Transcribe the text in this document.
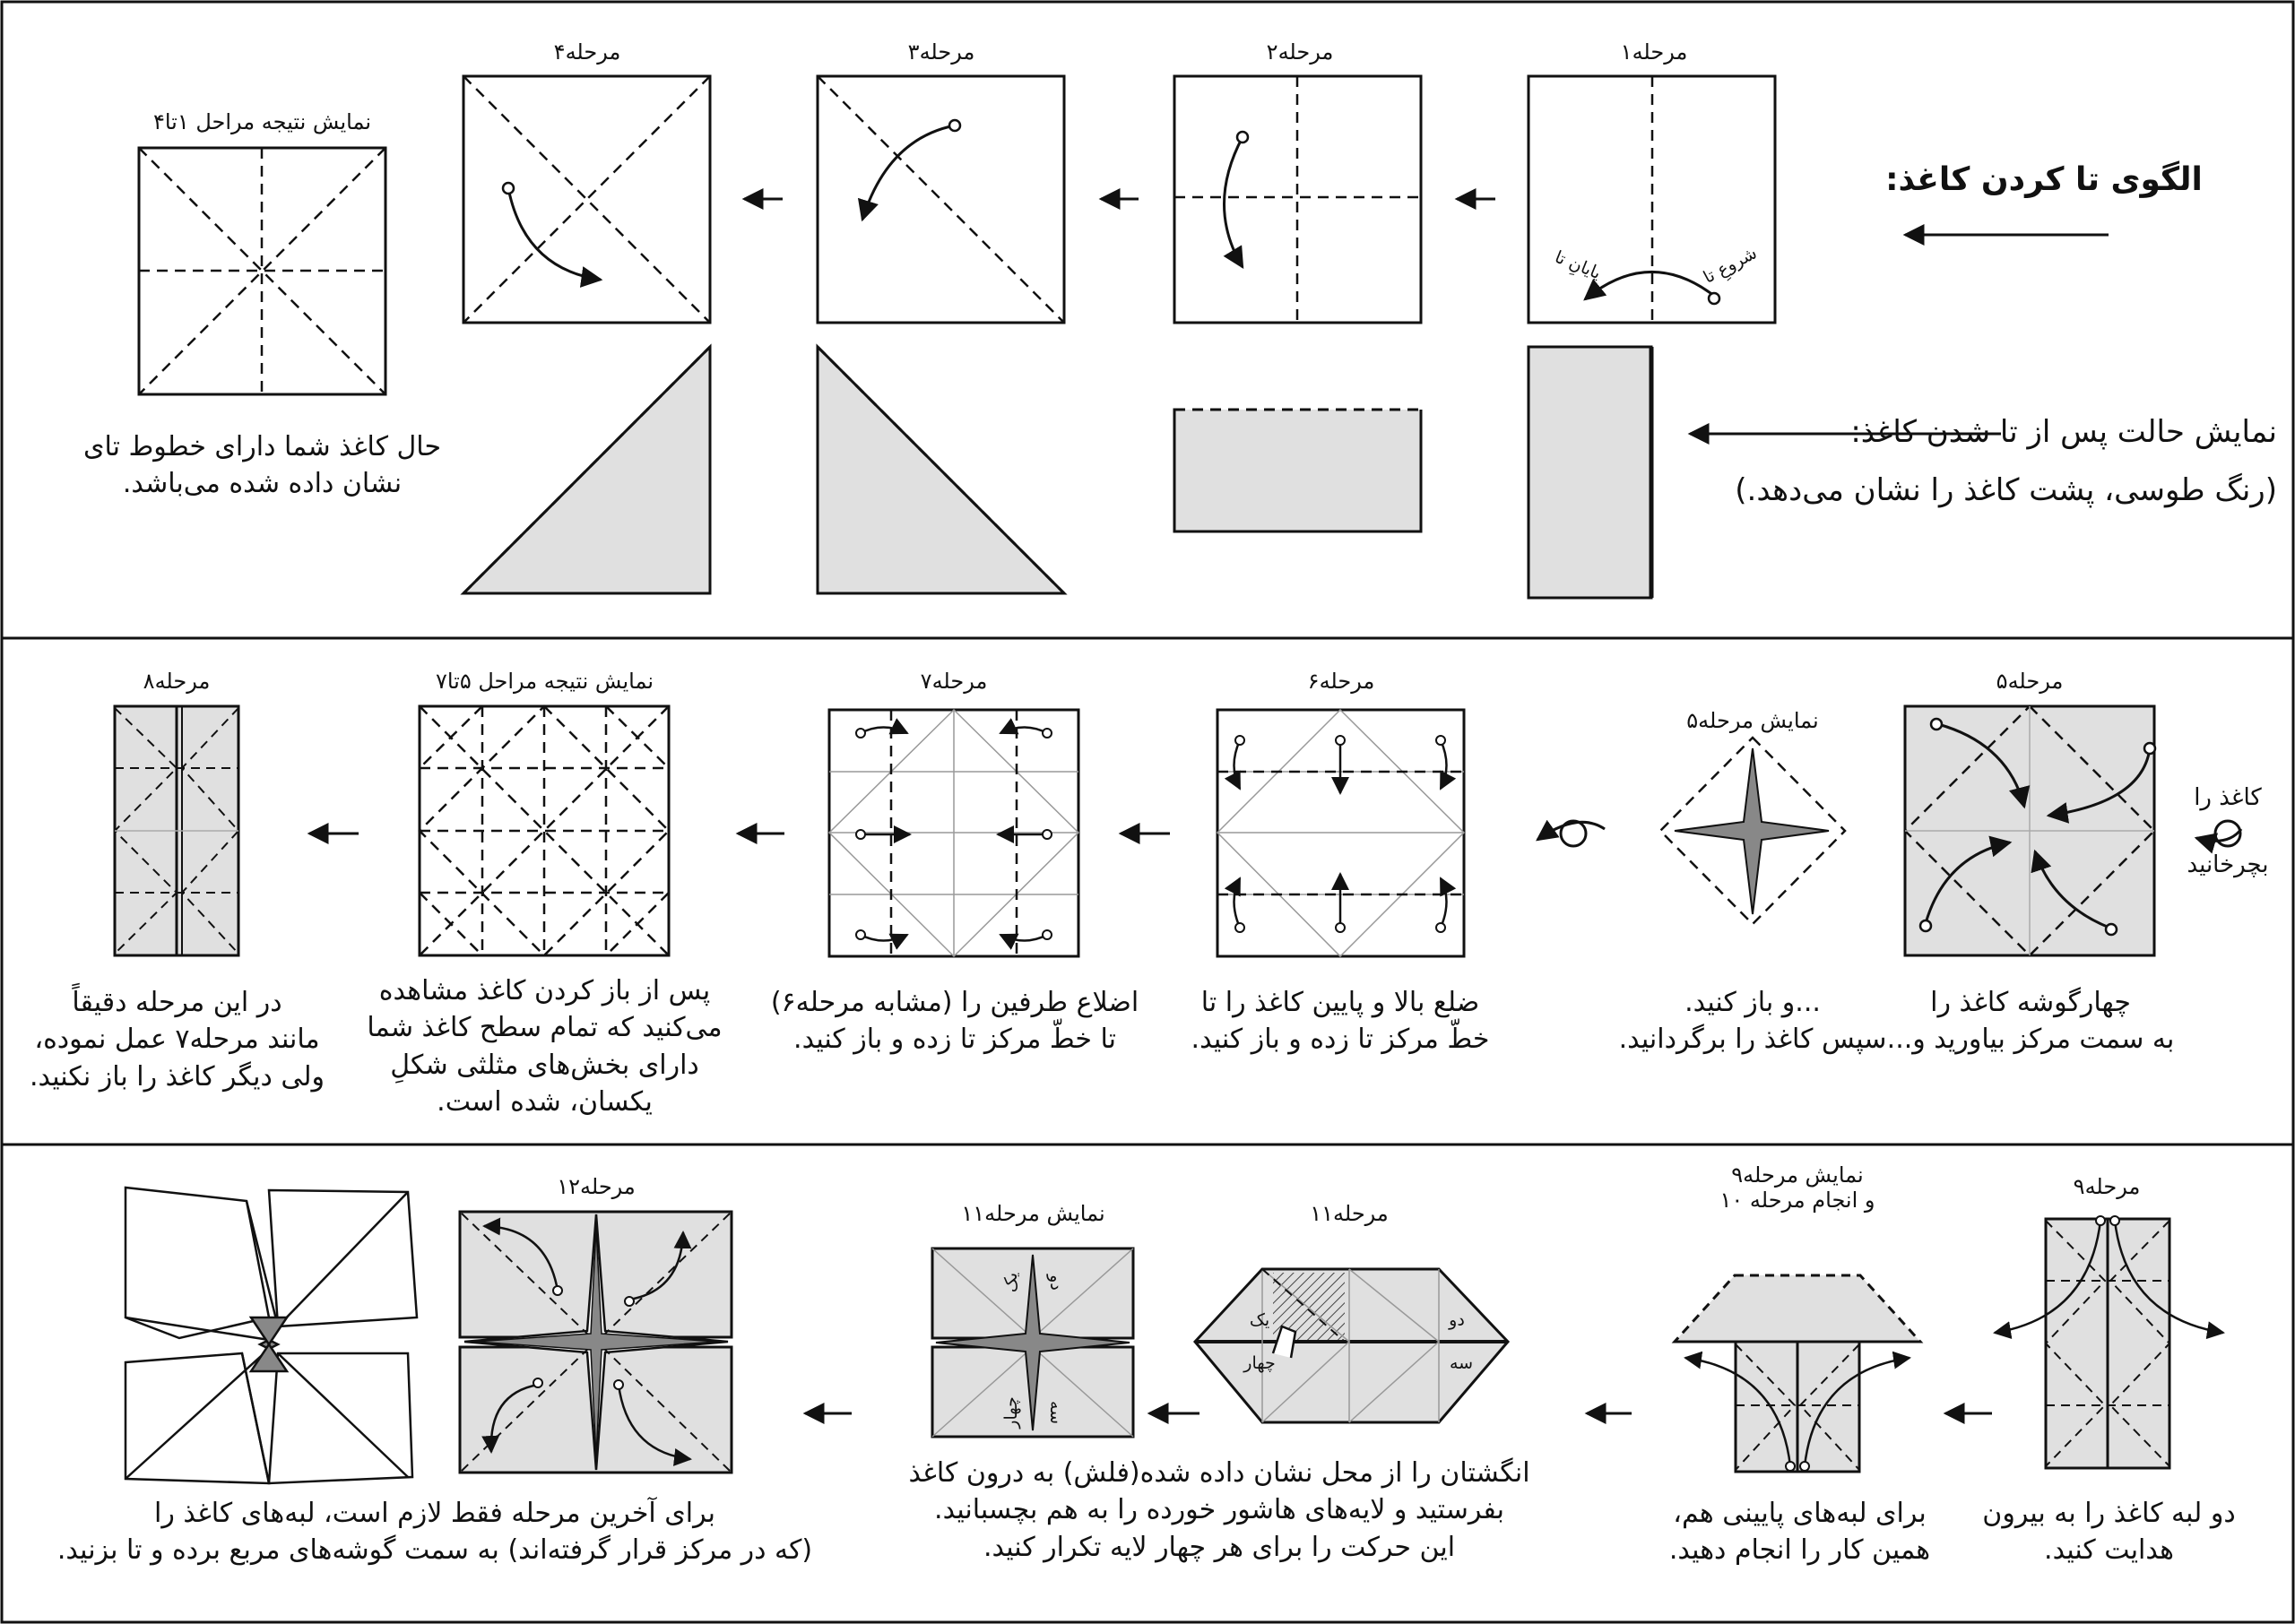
الگوی تا کردن کاغذ:
نمایش حالت پس از تا شدن کاغذ:
(رنگ طوسی، پشت کاغذ را نشان می‌دهد.)
مرحله۱
مرحله۲
مرحله۳
مرحله۴
نمایش نتیجه مراحل ۱تا۴
شروعِ تا
پایانِ تا
حال کاغذ شما دارای خطوط تای
نشان داده شده می‌باشد.
کاغذ را
بچرخانید
مرحله۵
نمایش مرحله۵
مرحله۶
مرحله۷
نمایش نتیجه مراحل ۵تا۷
مرحله۸
چهارگوشه کاغذ را
به سمت مرکز بیاورید و...
...و باز کنید.
سپس کاغذ را برگردانید.
ضلع بالا و پایین کاغذ را تا
خطّ مرکز تا زده و باز کنید.
اضلاع طرفین را (مشابه مرحله۶)
تا خطّ مرکز تا زده و باز کنید.
پس از باز کردن کاغذ مشاهده
می‌کنید که تمام سطح کاغذ شما
دارای بخش‌های مثلثی شکلِ
یکسان، شده است.
در این مرحله دقیقاً
مانند مرحله۷ عمل نموده،
ولی دیگر کاغذ را باز نکنید.
مرحله۹
نمایش مرحله۹
و انجام مرحله ۱۰
مرحله۱۱
نمایش مرحله۱۱
مرحله۱۲
یک	دو
سه
چهار
یک دو
سه
چهار
دو لبه کاغذ را به بیرون
هدایت کنید.
برای لبه‌های پایینی هم،
همین کار را انجام دهید.
انگشتان را از محل نشان داده شده(فلش) به درون کاغذ
بفرستید و لایه‌های هاشور خورده را به هم بچسبانید.
این حرکت را برای هر چهار لایه تکرار کنید.
برای آخرین مرحله فقط لازم است، لبه‌های کاغذ را
(که در مرکز قرار گرفته‌اند) به سمت گوشه‌های مربع برده و تا بزنید.
